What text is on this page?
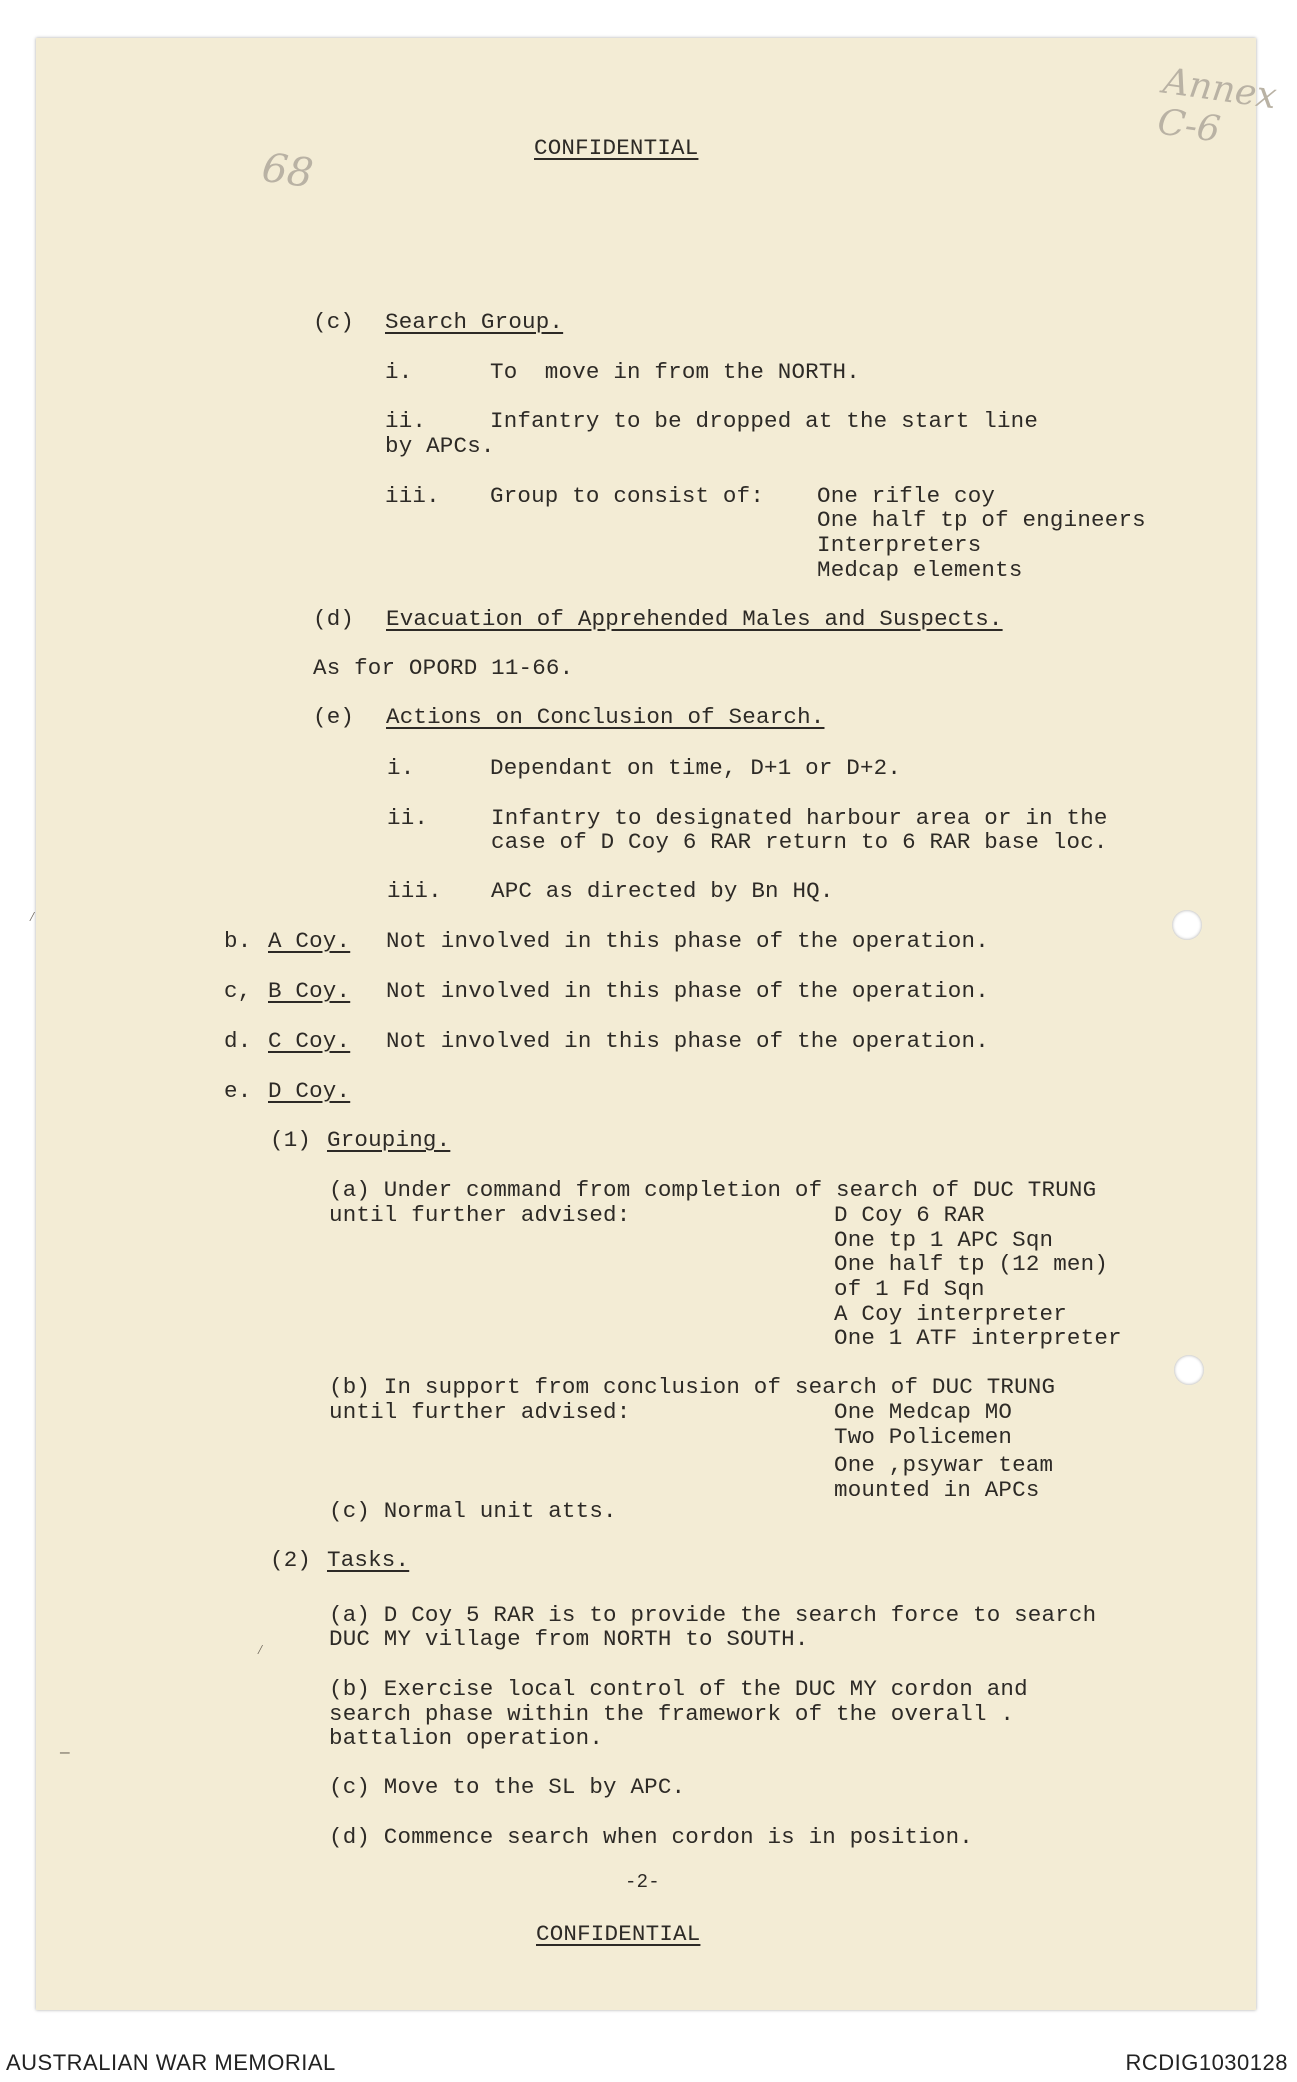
Annex C-6
68	CONFIDENTIAL
(c) Search Group.
i.	To  move in from the NORTH.
ii.	Infantry to be dropped at the start line
by APCs.
iii. Group to consist of: One rifle coy
One half tp of engineers
Interpreters
Medcap elements
(d) Evacuation of Apprehended Males and Suspects.
As for OPORD 11-66.
(e) Actions on Conclusion of Search.
i.	Dependant on time, D+1 or D+2.
ii.	Infantry to designated harbour area or in the
case of D Coy 6 RAR return to 6 RAR base loc.
iii. APC as directed by Bn HQ.
b. A Coy. Not involved in this phase of the operation.
c, B Coy. Not involved in this phase of the operation.
d. C Coy. Not involved in this phase of the operation.
e. D Coy.
(1) Grouping.
(a) Under command from completion of search of DUC TRUNG
until further advised:	D Coy 6 RAR
One tp 1 APC Sqn
One half tp (12 men)
of 1 Fd Sqn
A Coy interpreter
One 1 ATF interpreter
(b) In support from conclusion of search of DUC TRUNG
until further advised:	One Medcap MO
Two Policemen
One ,psywar team
mounted in APCs
(c) Normal unit atts.
(2) Tasks.
(a) D Coy 5 RAR is to provide the search force to search
DUC MY village from NORTH to SOUTH.
(b) Exercise local control of the DUC MY cordon and
search phase within the framework of the overall .
battalion operation.
(c) Move to the SL by APC.
(d) Commence search when cordon is in position.
-2-
CONFIDENTIAL
⁄
—
⁄
AUSTRALIAN WAR MEMORIAL	RCDIG1030128
